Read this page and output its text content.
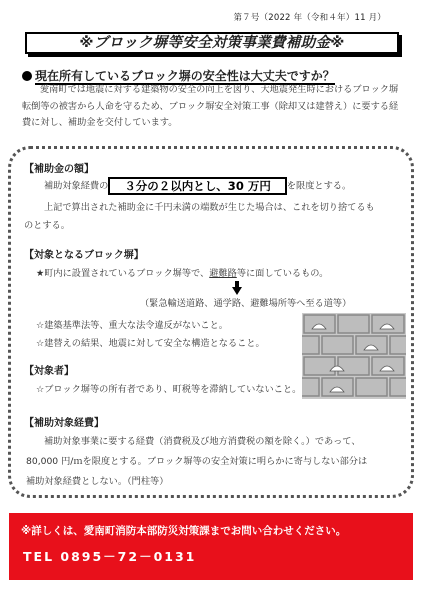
第７号（2022 年（令和４年）11 月）
※ブロック塀等安全対策事業費補助金※
現在所有しているブロック塀の安全性は大丈夫ですか？
愛南町では地震に対する建築物の安全の向上を図り、大地震発生時におけるブロック塀転倒等の被害から人命を守るため、ブロック塀安全対策工事（除却又は建替え）に要する経費に対し、補助金を交付しています。
【補助金の額】
補助対象経費の ３分の２以内とし、30 万円 を限度とする。
上記で算出された補助金に千円未満の端数が生じた場合は、これを切り捨てるも
のとする。
【対象となるブロック塀】
★町内に設置されているブロック塀等で、避難路等に面しているもの。
（緊急輸送道路、通学路、避難場所等へ至る道等）
☆建築基準法等、重大な法令違反がないこと。
☆建替えの結果、地震に対して安全な構造となること。
【対象者】
☆ブロック塀等の所有者であり、町税等を滞納していないこと。
【補助対象経費】
補助対象事業に要する経費（消費税及び地方消費税の額を除く。）であって、
80,000 円/ｍを限度とする。ブロック塀等の安全対策に明らかに寄与しない部分は
補助対象経費としない。（門柱等）
※詳しくは、愛南町消防本部防災対策課までお問い合わせください。
TEL 0895－72－0131
